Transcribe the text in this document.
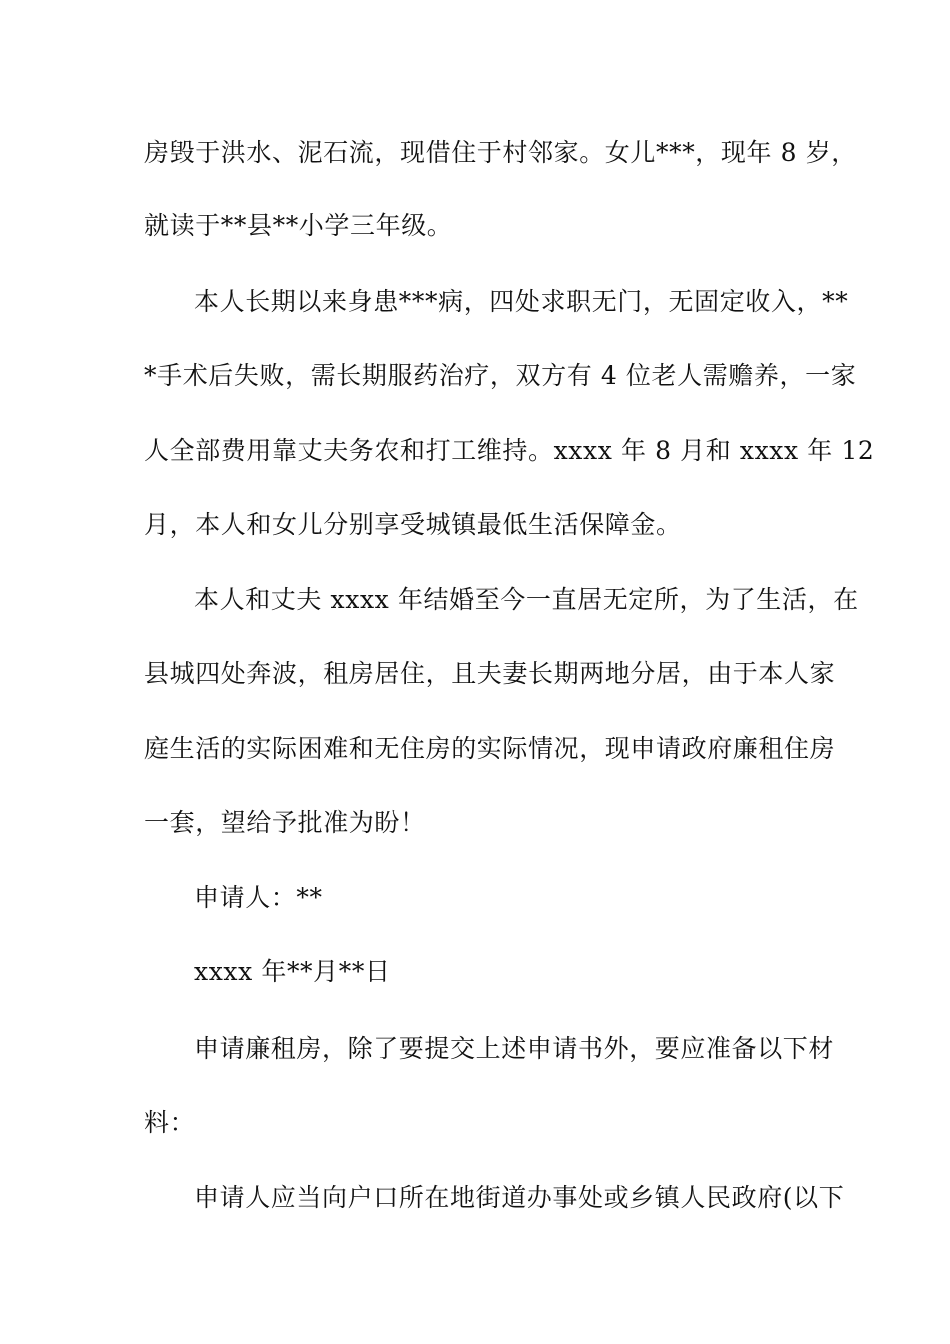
房毁于洪水、泥石流，现借住于村邻家。女儿***，现年 8 岁，

就读于**县**小学三年级。

本人长期以来身患***病，四处求职无门，无固定收入，**

*手术后失败，需长期服药治疗，双方有 4 位老人需赡养，一家

人全部费用靠丈夫务农和打工维持。xxxx 年 8 月和 xxxx 年 12

月，本人和女儿分别享受城镇最低生活保障金。

本人和丈夫 xxxx 年结婚至今一直居无定所，为了生活，在

县城四处奔波，租房居住，且夫妻长期两地分居，由于本人家

庭生活的实际困难和无住房的实际情况，现申请政府廉租住房

一套，望给予批准为盼！

申请人：**

xxxx 年**月**日

申请廉租房，除了要提交上述申请书外，要应准备以下材

料：

申请人应当向户口所在地街道办事处或乡镇人民政府(以下
